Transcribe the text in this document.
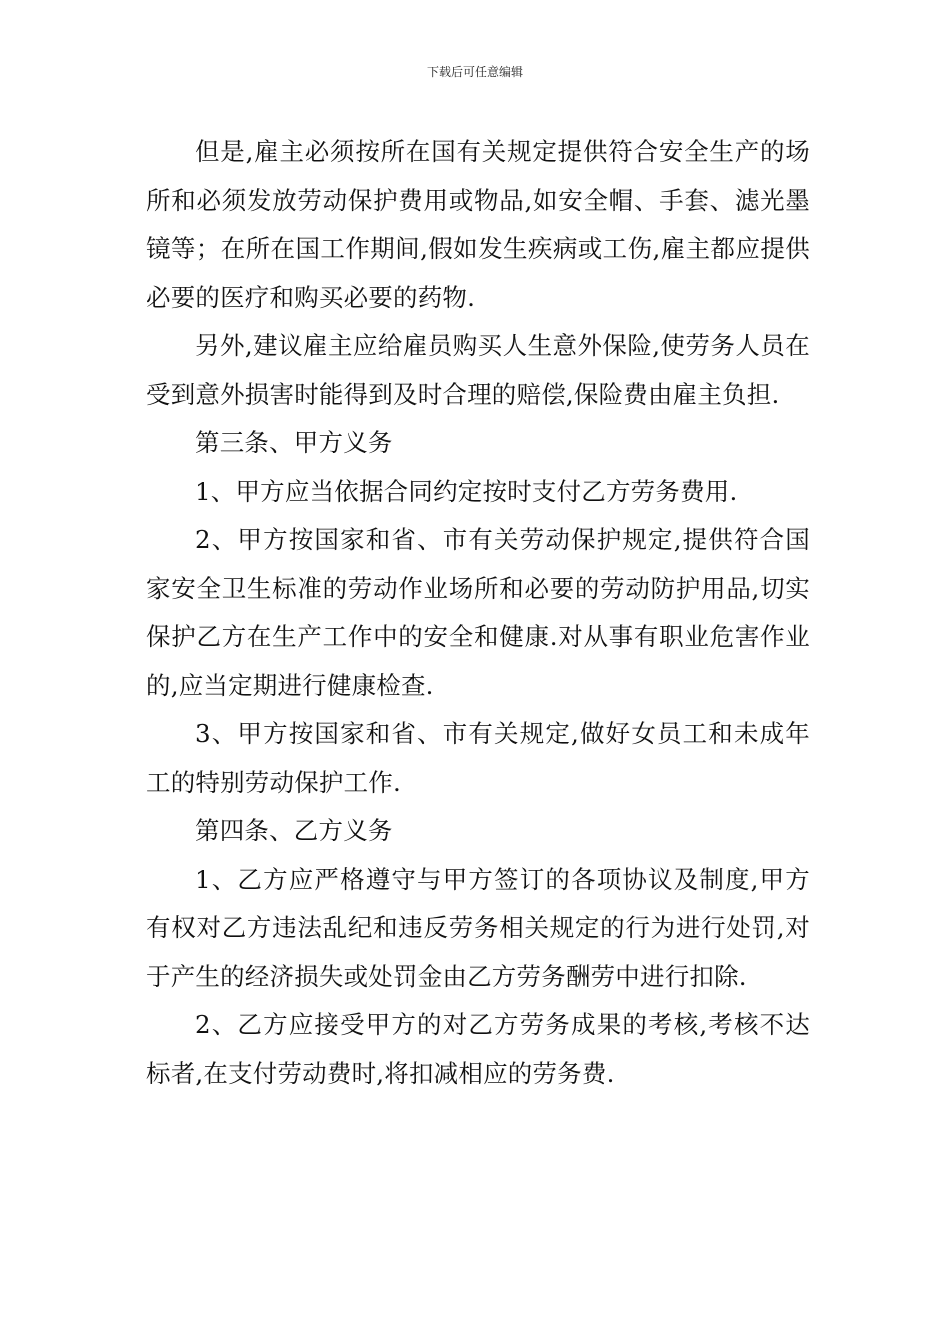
下载后可任意编辑

但是,雇主必须按所在国有关规定提供符合安全生产的场所和必须发放劳动保护费用或物品,如安全帽、手套、滤光墨镜等；在所在国工作期间,假如发生疾病或工伤,雇主都应提供必要的医疗和购买必要的药物.

另外,建议雇主应给雇员购买人生意外保险,使劳务人员在受到意外损害时能得到及时合理的赔偿,保险费由雇主负担.

第三条、甲方义务

1、甲方应当依据合同约定按时支付乙方劳务费用.

2、甲方按国家和省、市有关劳动保护规定,提供符合国家安全卫生标准的劳动作业场所和必要的劳动防护用品,切实保护乙方在生产工作中的安全和健康.对从事有职业危害作业的,应当定期进行健康检查.

3、甲方按国家和省、市有关规定,做好女员工和未成年工的特别劳动保护工作.

第四条、乙方义务

1、乙方应严格遵守与甲方签订的各项协议及制度,甲方有权对乙方违法乱纪和违反劳务相关规定的行为进行处罚,对于产生的经济损失或处罚金由乙方劳务酬劳中进行扣除.

2、乙方应接受甲方的对乙方劳务成果的考核,考核不达标者,在支付劳动费时,将扣减相应的劳务费.
